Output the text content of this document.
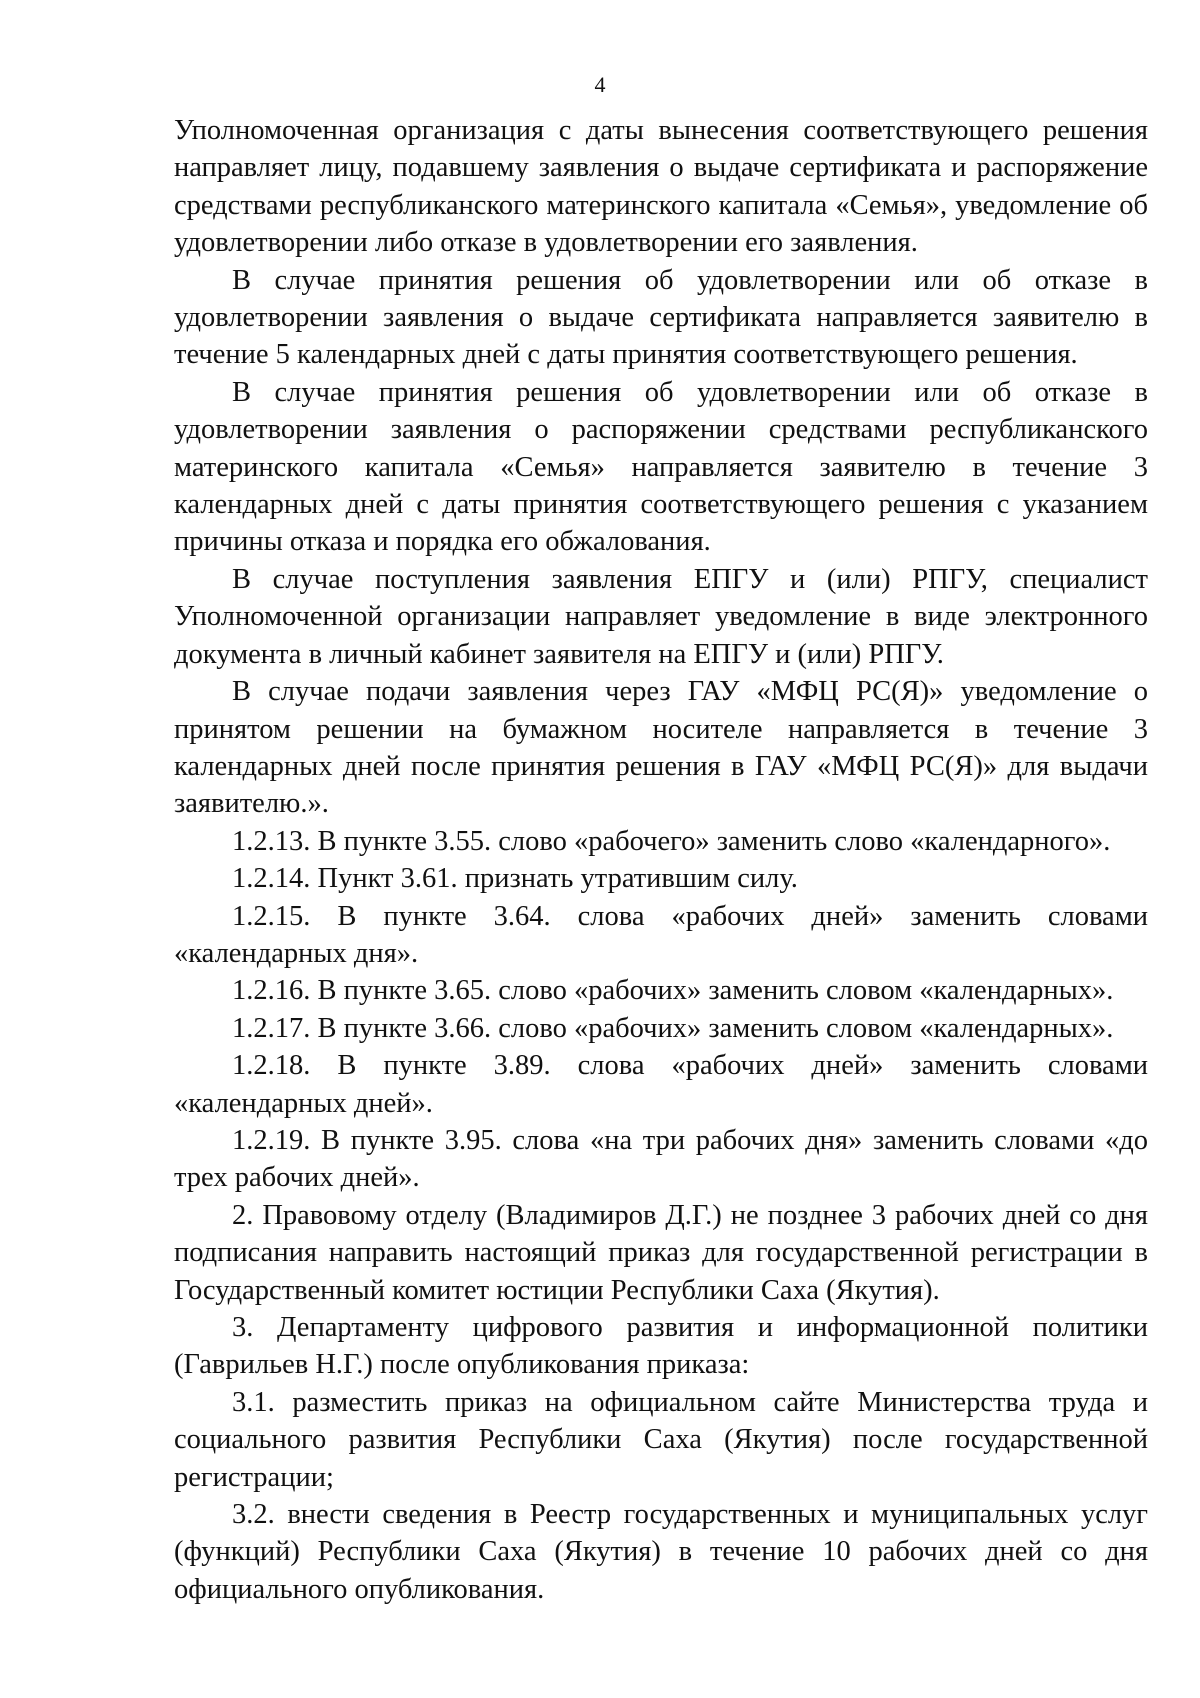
4

Уполномоченная организация с даты вынесения соответствующего решения направляет лицу, подавшему заявления о выдаче сертификата и распоряжение средствами республиканского материнского капитала «Семья», уведомление об удовлетворении либо отказе в удовлетворении его заявления.

В случае принятия решения об удовлетворении или об отказе в удовлетворении заявления о выдаче сертификата направляется заявителю в течение 5 календарных дней с даты принятия соответствующего решения.

В случае принятия решения об удовлетворении или об отказе в удовлетворении заявления о распоряжении средствами республиканского материнского капитала «Семья» направляется заявителю в течение 3 календарных дней с даты принятия соответствующего решения с указанием причины отказа и порядка его обжалования.

В случае поступления заявления ЕПГУ и (или) РПГУ, специалист Уполномоченной организации направляет уведомление в виде электронного документа в личный кабинет заявителя на ЕПГУ и (или) РПГУ.

В случае подачи заявления через ГАУ «МФЦ РС(Я)» уведомление о принятом решении на бумажном носителе направляется в течение 3 календарных дней после принятия решения в ГАУ «МФЦ РС(Я)» для выдачи заявителю.».

1.2.13. В пункте 3.55. слово «рабочего» заменить слово «календарного».

1.2.14. Пункт 3.61. признать утратившим силу.

1.2.15. В пункте 3.64. слова «рабочих дней» заменить словами «календарных дня».

1.2.16. В пункте 3.65. слово «рабочих» заменить словом «календарных».

1.2.17. В пункте 3.66. слово «рабочих» заменить словом «календарных».

1.2.18. В пункте 3.89. слова «рабочих дней» заменить словами «календарных дней».

1.2.19. В пункте 3.95. слова «на три рабочих дня» заменить словами «до трех рабочих дней».

2. Правовому отделу (Владимиров Д.Г.) не позднее 3 рабочих дней со дня подписания направить настоящий приказ для государственной регистрации в Государственный комитет юстиции Республики Саха (Якутия).

3. Департаменту цифрового развития и информационной политики (Гаврильев Н.Г.) после опубликования приказа:

3.1. разместить приказ на официальном сайте Министерства труда и социального развития Республики Саха (Якутия) после государственной регистрации;

3.2. внести сведения в Реестр государственных и муниципальных услуг (функций) Республики Саха (Якутия) в течение 10 рабочих дней со дня официального опубликования.
